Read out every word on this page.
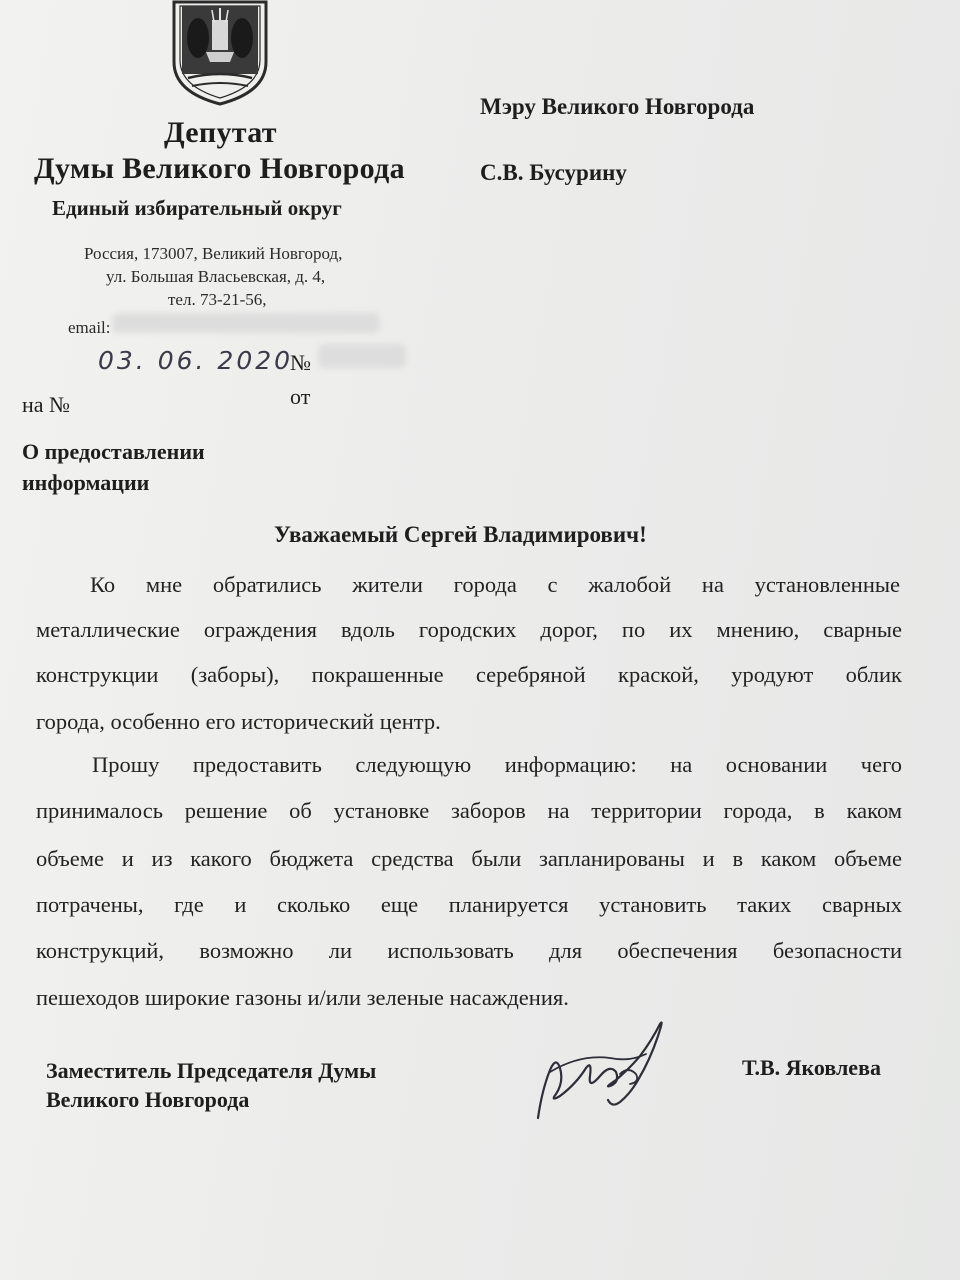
Депутат
Думы Великого Новгорода
Единый избирательный округ
Россия, 173007, Великий Новгород,
ул. Большая Власьевская, д. 4,
тел. 73-21-56,
email:
03. 06. 2020
№
на №	от
Мэру Великого Новгорода
С.В. Бусурину
О предоставлении
информации
Уважаемый Сергей Владимирович!
Ко мне обратились жители города с жалобой на установленные
металлические ограждения вдоль городских дорог, по их мнению, сварные
конструкции (заборы), покрашенные серебряной краской, уродуют облик
города, особенно его исторический центр.
Прошу предоставить следующую информацию: на основании чего
принималось решение об установке заборов на территории города, в каком
объеме и из какого бюджета средства были запланированы и в каком объеме
потрачены, где и сколько еще планируется установить таких сварных
конструкций, возможно ли использовать для обеспечения безопасности
пешеходов широкие газоны и/или зеленые насаждения.
Заместитель Председателя Думы
Великого Новгорода
Т.В. Яковлева
